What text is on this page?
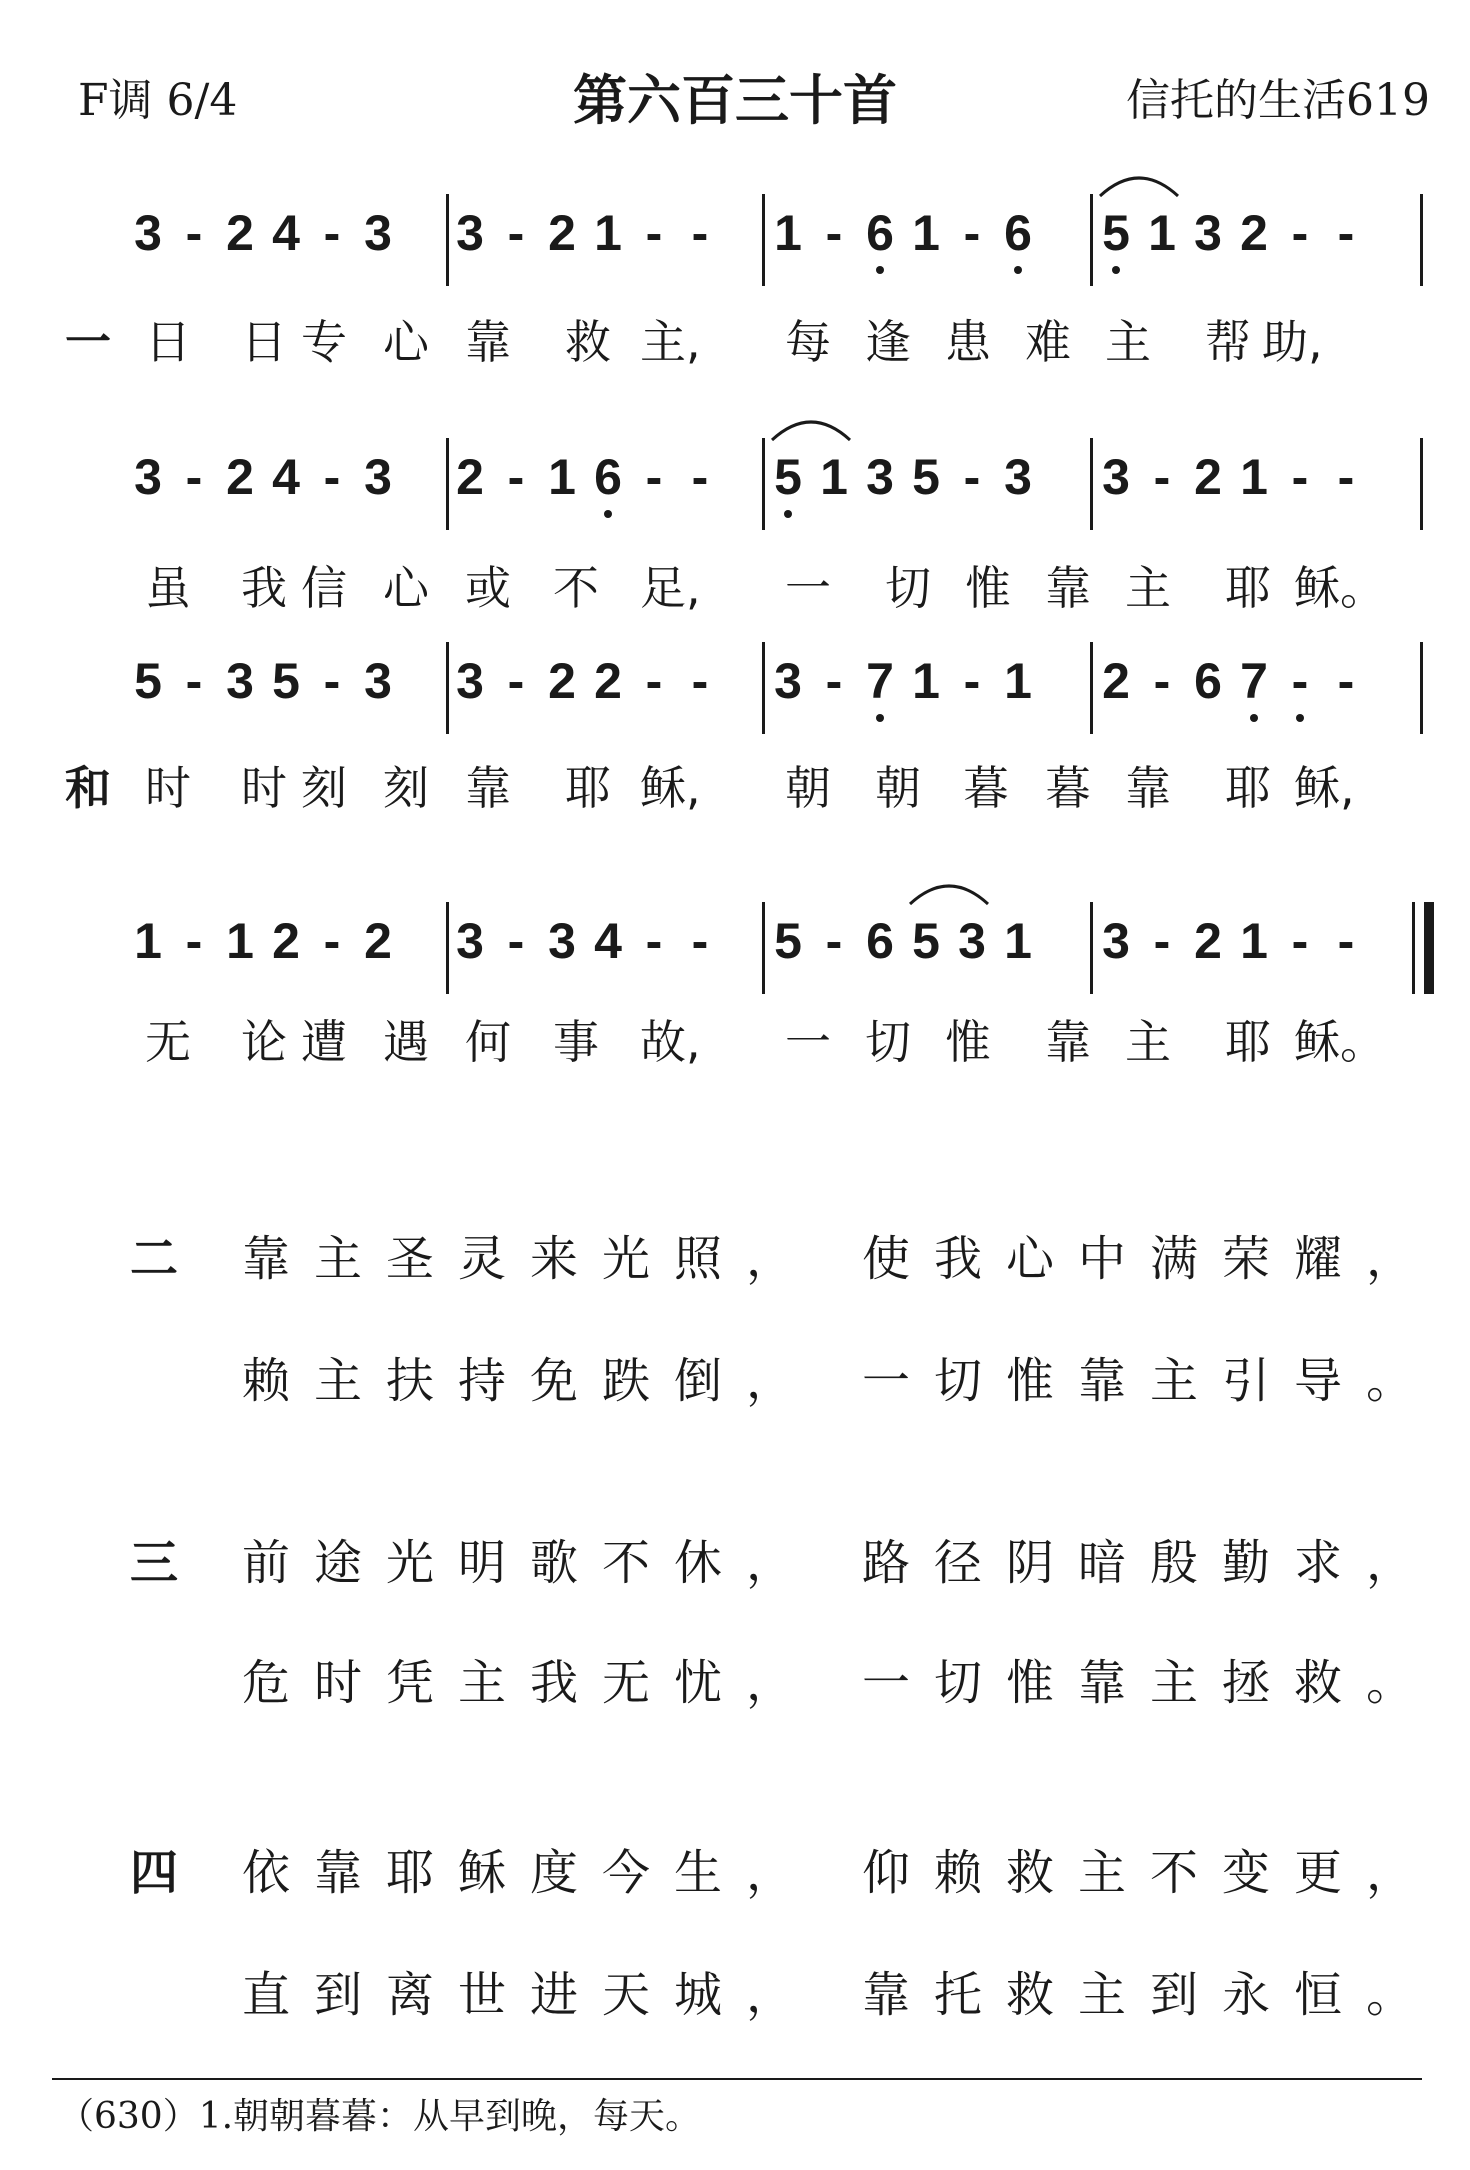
F调 6/4	第六百三十首	信托的生活619
3 - 2 4 - 3 3 - 2 1 - - 1 - 6 1 - 6 5 1 3 2 - -
一 日 日 专 心 靠 救 主, 每 逢 患 难 主 帮 助,
3 - 2 4 - 3 2 - 1 6 - - 5 1 3 5 - 3 3 - 2 1 - -
虽 我 信 心 或 不 足, 一 切 惟 靠 主 耶 稣。
5 - 3 5 - 3 3 - 2 2 - - 3 - 7 1 - 1 2 - 6 7 - -
和 时 时 刻 刻 靠 耶 稣, 朝 朝 暮 暮 靠 耶 稣,
1 - 1 2 - 2 3 - 3 4 - - 5 - 6 5 3 1 3 - 2 1 - -
无 论 遭 遇 何 事 故, 一 切 惟 靠 主 耶 稣。
二 靠主圣灵来光照， 使我心中满荣耀，
赖主扶持免跌倒， 一切惟靠主引导。
三 前途光明歌不休， 路径阴暗殷勤求，
危时凭主我无忧， 一切惟靠主拯救。
四 依靠耶稣度今生， 仰赖救主不变更，
直到离世进天城， 靠托救主到永恒。
（630）1.朝朝暮暮：从早到晚，每天。
